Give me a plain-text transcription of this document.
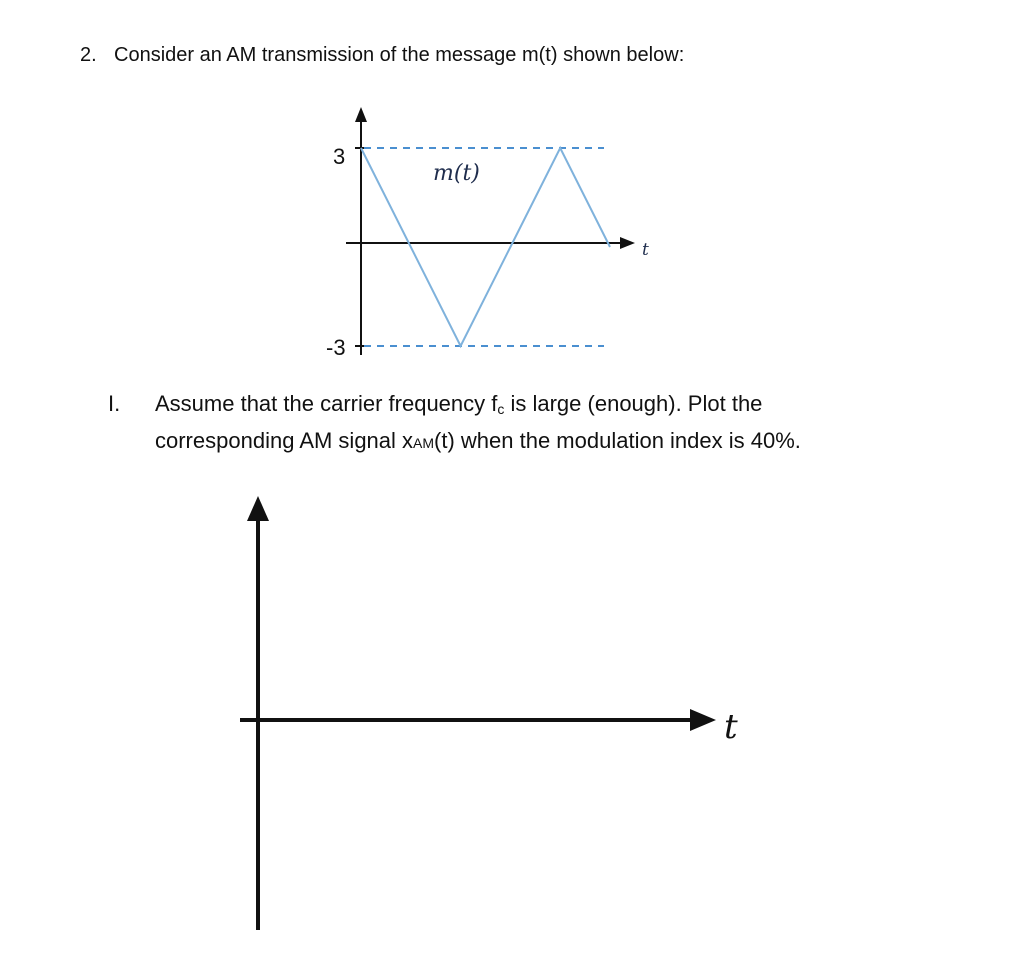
2. Consider an AM transmission of the message m(t) shown below:
3
-3
m(t)
t
t
I. Assume that the carrier frequency $f_c$ is large (enough). Plot the
corresponding AM signal xAM(t) when the modulation index is 40%.
